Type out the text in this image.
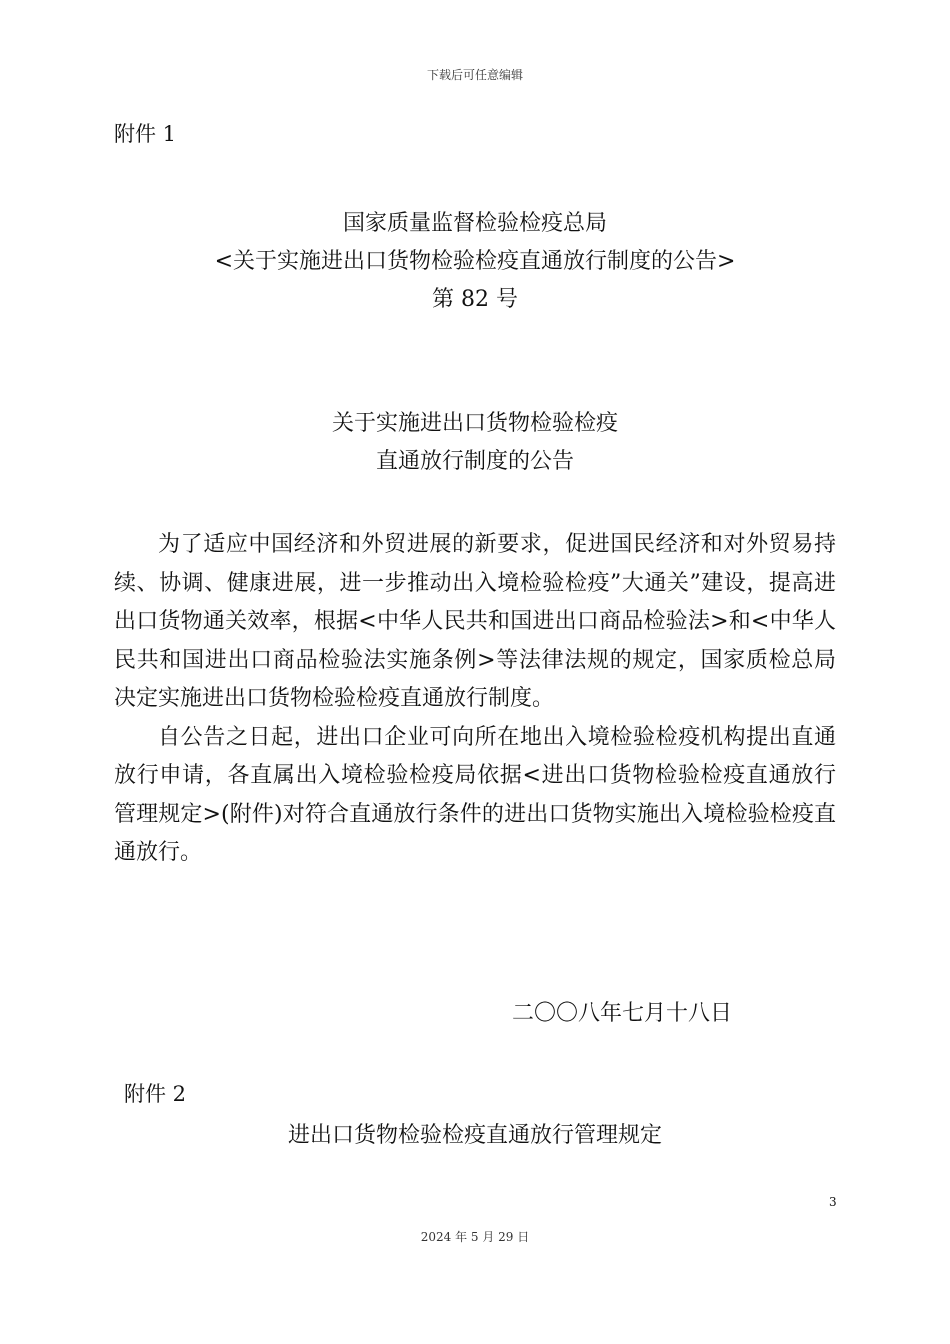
下载后可任意编辑
附件 1
国家质量监督检验检疫总局
<关于实施进出口货物检验检疫直通放行制度的公告>
第 82 号
关于实施进出口货物检验检疫
直通放行制度的公告

为了适应中国经济和外贸进展的新要求，促进国民经济和对外贸易持续、协调、健康进展，进一步推动出入境检验检疫”大通关”建设，提高进出口货物通关效率，根据<中华人民共和国进出口商品检验法>和<中华人民共和国进出口商品检验法实施条例>等法律法规的规定，国家质检总局决定实施进出口货物检验检疫直通放行制度。

自公告之日起，进出口企业可向所在地出入境检验检疫机构提出直通放行申请，各直属出入境检验检疫局依据<进出口货物检验检疫直通放行管理规定>(附件)对符合直通放行条件的进出口货物实施出入境检验检疫直通放行。

二〇〇八年七月十八日
附件 2
进出口货物检验检疫直通放行管理规定
3
2024 年 5 月 29 日
